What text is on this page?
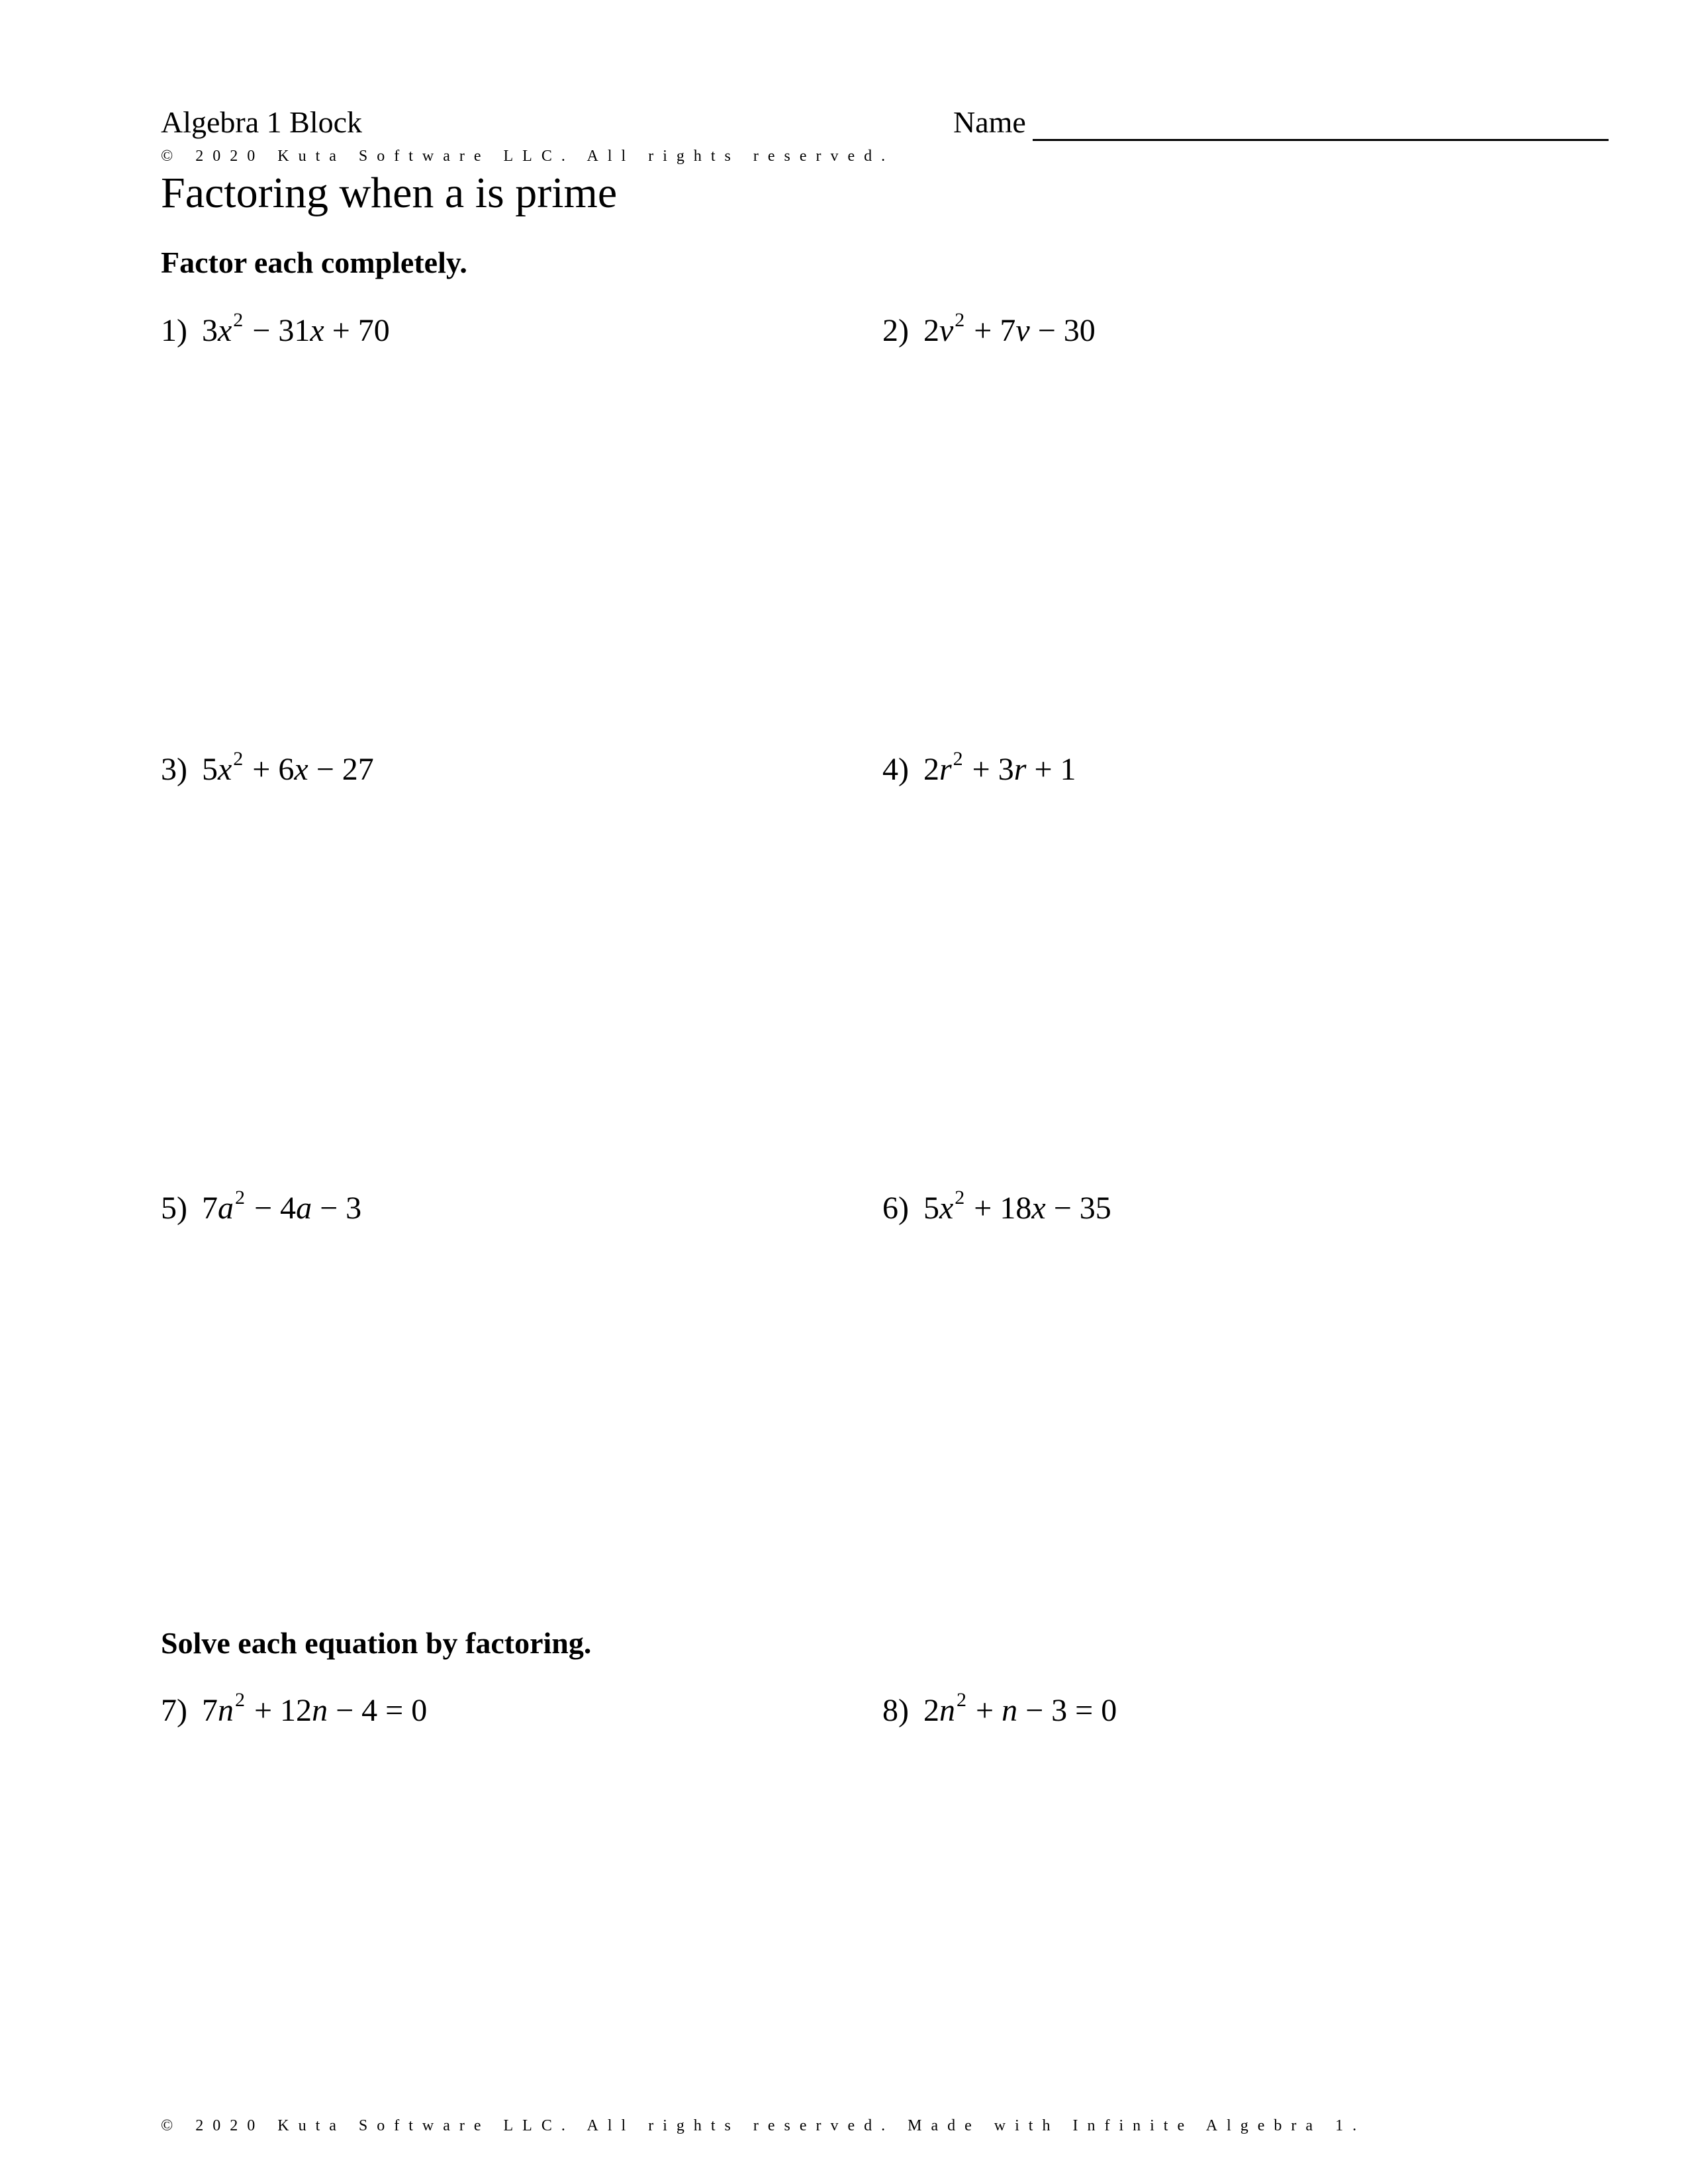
Algebra 1 Block	Name
© 2020 Kuta Software LLC. All rights reserved.
Factoring when a is prime
Factor each completely.
1) $3x^2 - 31x + 70$	2) $2v^2 + 7v - 30$
3) $5x^2 + 6x - 27$	4) $2r^2 + 3r + 1$
5) $7a^2 - 4a - 3$	6) $5x^2 + 18x - 35$
Solve each equation by factoring.
7) $7n^2 + 12n - 4 = 0$	8) $2n^2 + n - 3 = 0$
© 2020 Kuta Software LLC. All rights reserved. Made with Infinite Algebra 1.
